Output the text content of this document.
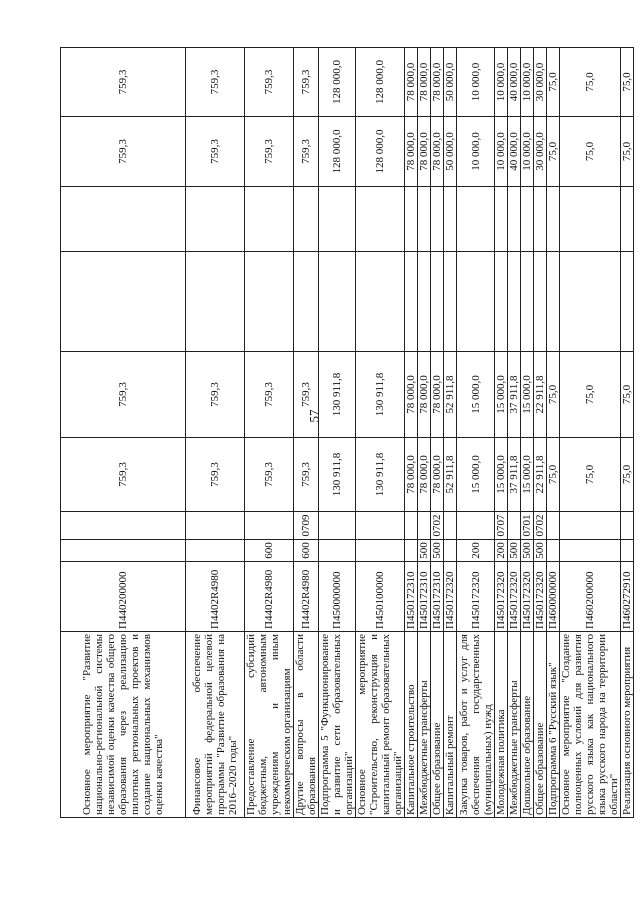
57
Основное мероприятие "Развитие национально-региональной системы независимой оценки качества общего образования через реализацию пилотных региональных проектов и создание национальных механизмов оценки качества"	П440200000			759,3	759,3			759,3	759,3
Финансовое обеспечение мероприятий федеральной целевой программы "Развитие образования на 2016–2020 годы"	П4402R4980			759,3	759,3			759,3	759,3
Предоставление субсидий бюджетным, автономным учреждениям и иным некоммерческим организациям	П4402R4980	600		759,3	759,3			759,3	759,3
Другие вопросы в области образования	П4402R4980	600	0709	759,3	759,3			759,3	759,3
Подпрограмма 5 "Функционирование и развитие сети образовательных организаций"	П450000000			130 911,8	130 911,8			128 000,0	128 000,0
Основное мероприятие "Строительство, реконструкция и капитальный ремонт образовательных организаций"	П450100000			130 911,8	130 911,8			128 000,0	128 000,0
Капитальное строительство	П450172310			78 000,0	78 000,0			78 000,0	78 000,0
Межбюджетные трансферты	П450172310	500		78 000,0	78 000,0			78 000,0	78 000,0
Общее образование	П450172310	500	0702	78 000,0	78 000,0			78 000,0	78 000,0
Капитальный ремонт	П450172320			52 911,8	52 911,8			50 000,0	50 000,0
Закупка товаров, работ и услуг для обеспечения государственных (муниципальных) нужд	П450172320	200		15 000,0	15 000,0			10 000,0	10 000,0
Молодежная политика	П450172320	200	0707	15 000,0	15 000,0			10 000,0	10 000,0
Межбюджетные трансферты	П450172320	500		37 911,8	37 911,8			40 000,0	40 000,0
Дошкольное образование	П450172320	500	0701	15 000,0	15 000,0			10 000,0	10 000,0
Общее образование	П450172320	500	0702	22 911,8	22 911,8			30 000,0	30 000,0
Подпрограмма 6 "Русский язык"	П460000000			75,0	75,0			75,0	75,0
Основное мероприятие "Создание полноценных условий для развития русского языка как национального языка русского народа на территории области"	П460200000			75,0	75,0			75,0	75,0
Реализация основного мероприятия	П460272910			75,0	75,0			75,0	75,0
